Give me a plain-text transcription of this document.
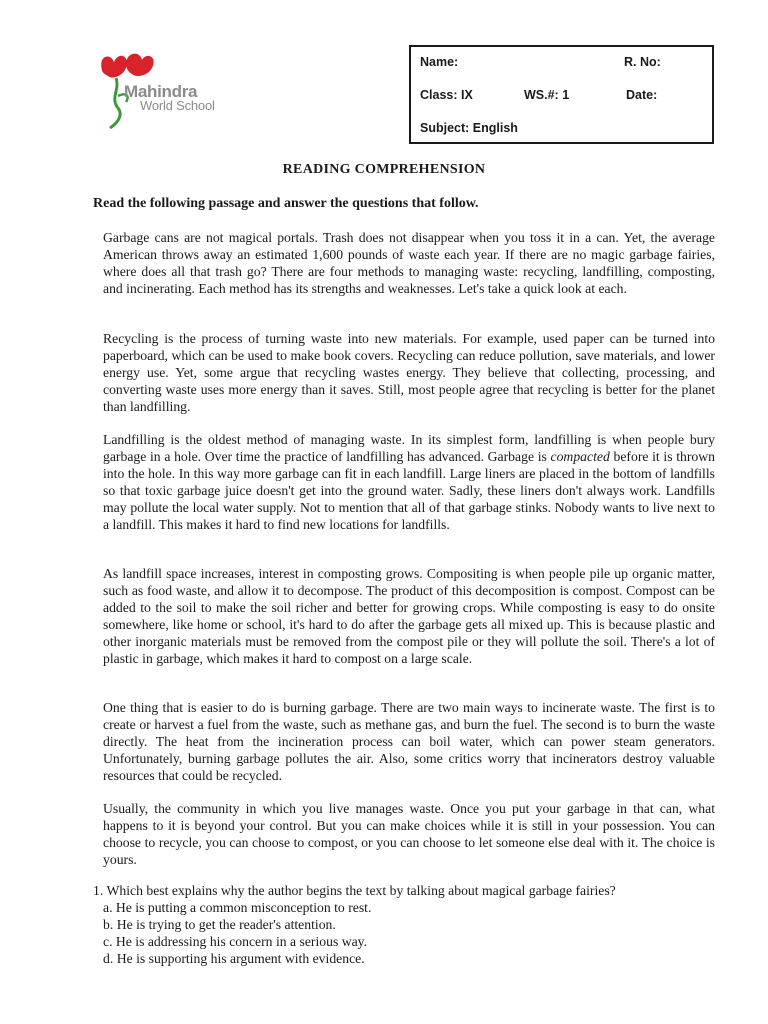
Mahindra
World School
Name:	R. No:
Class: IX	WS.#: 1	Date:
Subject: English
READING COMPREHENSION
Read the following passage and answer the questions that follow.

Garbage cans are not magical portals. Trash does not disappear when you toss it in a can. Yet, the average American throws away an estimated 1,600 pounds of waste each year. If there are no magic garbage fairies, where does all that trash go? There are four methods to managing waste: recycling, landfilling, composting, and incinerating. Each method has its strengths and weaknesses. Let's take a quick look at each.

Recycling is the process of turning waste into new materials. For example, used paper can be turned into paperboard, which can be used to make book covers. Recycling can reduce pollution, save materials, and lower energy use. Yet, some argue that recycling wastes energy. They believe that collecting, processing, and converting waste uses more energy than it saves. Still, most people agree that recycling is better for the planet than landfilling.

Landfilling is the oldest method of managing waste. In its simplest form, landfilling is when people bury garbage in a hole. Over time the practice of landfilling has advanced. Garbage is compacted before it is thrown into the hole. In this way more garbage can fit in each landfill. Large liners are placed in the bottom of landfills so that toxic garbage juice doesn't get into the ground water. Sadly, these liners don't always work. Landfills may pollute the local water supply. Not to mention that all of that garbage stinks. Nobody wants to live next to a landfill. This makes it hard to find new locations for landfills.

As landfill space increases, interest in composting grows. Compositing is when people pile up organic matter, such as food waste, and allow it to decompose. The product of this decomposition is compost. Compost can be added to the soil to make the soil richer and better for growing crops. While composting is easy to do onsite somewhere, like home or school, it's hard to do after the garbage gets all mixed up. This is because plastic and other inorganic materials must be removed from the compost pile or they will pollute the soil. There's a lot of plastic in garbage, which makes it hard to compost on a large scale.

One thing that is easier to do is burning garbage. There are two main ways to incinerate waste. The first is to create or harvest a fuel from the waste, such as methane gas, and burn the fuel. The second is to burn the waste directly. The heat from the incineration process can boil water, which can power steam generators. Unfortunately, burning garbage pollutes the air. Also, some critics worry that incinerators destroy valuable resources that could be recycled.

Usually, the community in which you live manages waste. Once you put your garbage in that can, what happens to it is beyond your control. But you can make choices while it is still in your possession. You can choose to recycle, you can choose to compost, or you can choose to let someone else deal with it. The choice is yours.

1. Which best explains why the author begins the text by talking about magical garbage fairies?
a. He is putting a common misconception to rest.
b. He is trying to get the reader's attention.
c. He is addressing his concern in a serious way.
d. He is supporting his argument with evidence.
